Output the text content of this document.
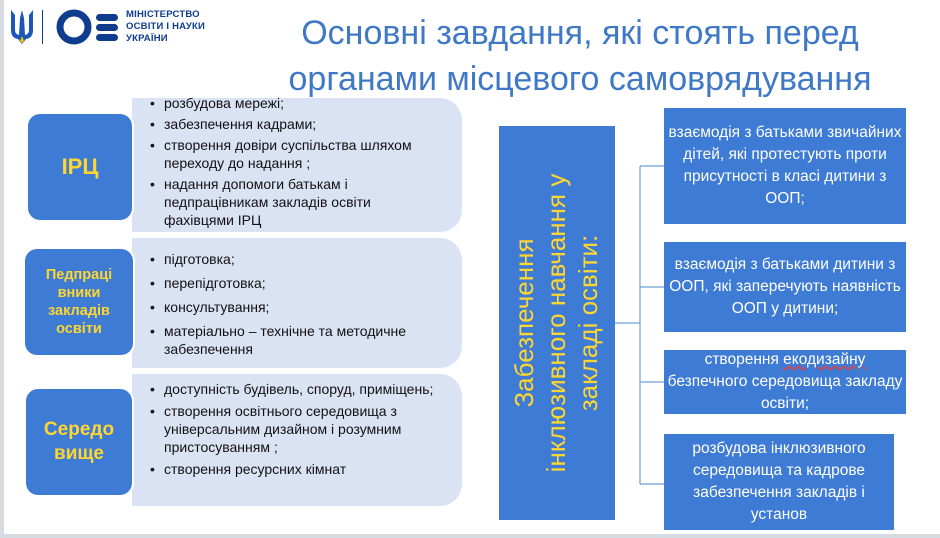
МІНІСТЕРСТВО
ОСВІТИ І НАУКИ
УКРАЇНИ	Основні завдання, які стоять перед
органами місцевого самоврядування
• розбудова мережі;
• забезпечення кадрами;
• створення довіри суспільства шляхом переходу до надання ;
• надання допомоги батькам і педпрацівникам закладів освіти фахівцями ІРЦ
ІРЦ
• підготовка;
• перепідготовка;
• консультування;
• матеріально – технічне та методичне забезпечення
Педпраці вники закладів освіти
• доступність будівель, споруд, приміщень;
• створення освітнього середовища з універсальним дизайном і розумним пристосуванням ;
• створення ресурсних кімнат
Середо вище
Забезпечення інклюзивного навчання у закладі освіти:
взаємодія з батьками звичайних дітей, які протестують проти присутності в класі дитини з ООП;
взаємодія з батьками дитини з ООП, які заперечують наявність ООП у дитини;
створення екодизайну безпечного середовища закладу освіти;
розбудова інклюзивного середовища та кадрове забезпечення закладів і установ
